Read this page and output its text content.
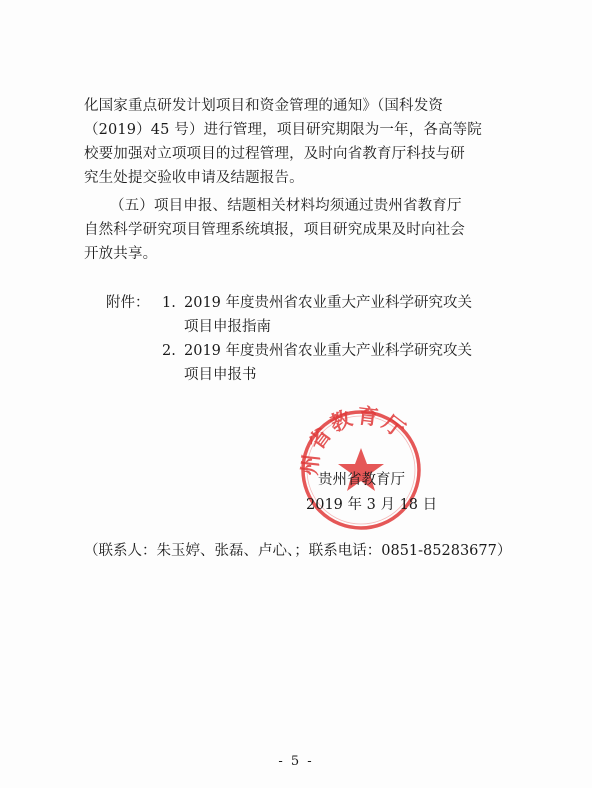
化国家重点研发计划项目和资金管理的通知》（国科发资
（2019）45 号）进行管理，项目研究期限为一年，各高等院
校要加强对立项项目的过程管理，及时向省教育厅科技与研
究生处提交验收申请及结题报告。
（五）项目申报、结题相关材料均须通过贵州省教育厅
自然科学研究项目管理系统填报，项目研究成果及时向社会
开放共享。
附件： 1. 2019 年度贵州省农业重大产业科学研究攻关
项目申报指南
2. 2019 年度贵州省农业重大产业科学研究攻关
项目申报书
州省教育厅
贵州省教育厅
2019 年 3 月 18 日
（联系人：朱玉婷、张磊、卢心、；联系电话：0851-85283677）
- 5 -
